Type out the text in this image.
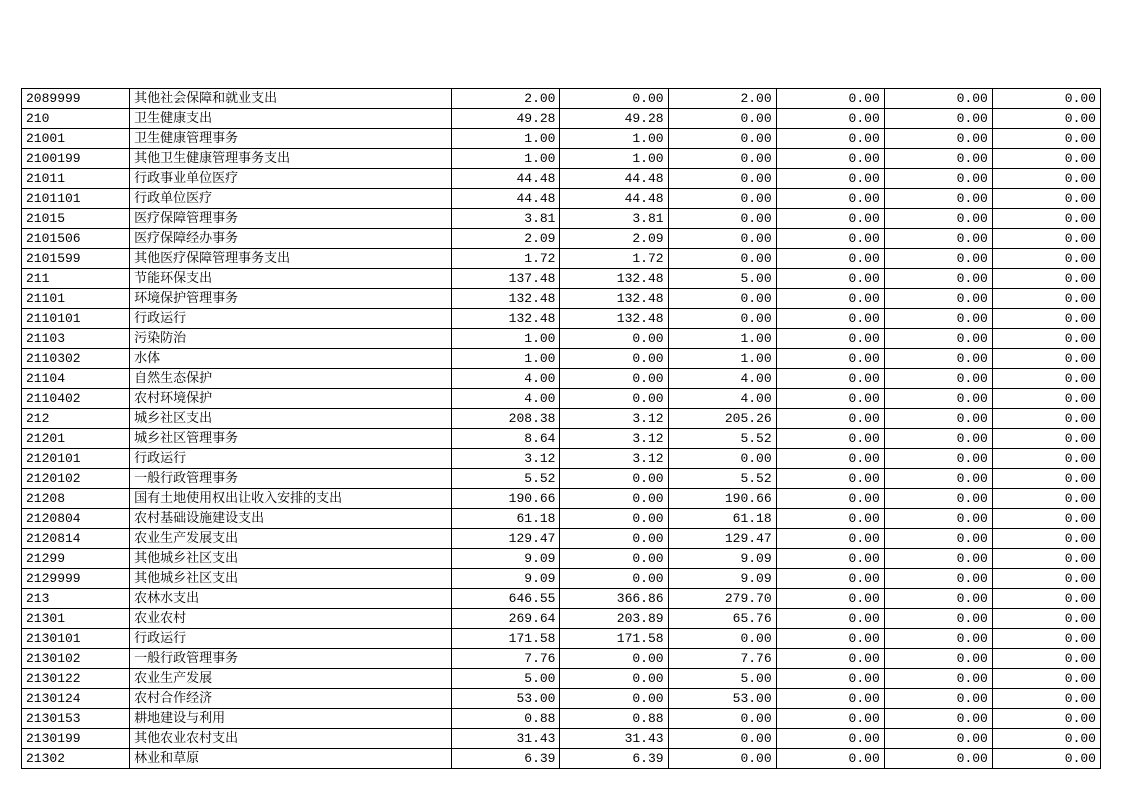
2089999	其他社会保障和就业支出	2.00	0.00	2.00	0.00	0.00	0.00
210	卫生健康支出	49.28	49.28	0.00	0.00	0.00	0.00
21001	卫生健康管理事务	1.00	1.00	0.00	0.00	0.00	0.00
2100199	其他卫生健康管理事务支出	1.00	1.00	0.00	0.00	0.00	0.00
21011	行政事业单位医疗	44.48	44.48	0.00	0.00	0.00	0.00
2101101	行政单位医疗	44.48	44.48	0.00	0.00	0.00	0.00
21015	医疗保障管理事务	3.81	3.81	0.00	0.00	0.00	0.00
2101506	医疗保障经办事务	2.09	2.09	0.00	0.00	0.00	0.00
2101599	其他医疗保障管理事务支出	1.72	1.72	0.00	0.00	0.00	0.00
211	节能环保支出	137.48	132.48	5.00	0.00	0.00	0.00
21101	环境保护管理事务	132.48	132.48	0.00	0.00	0.00	0.00
2110101	行政运行	132.48	132.48	0.00	0.00	0.00	0.00
21103	污染防治	1.00	0.00	1.00	0.00	0.00	0.00
2110302	水体	1.00	0.00	1.00	0.00	0.00	0.00
21104	自然生态保护	4.00	0.00	4.00	0.00	0.00	0.00
2110402	农村环境保护	4.00	0.00	4.00	0.00	0.00	0.00
212	城乡社区支出	208.38	3.12	205.26	0.00	0.00	0.00
21201	城乡社区管理事务	8.64	3.12	5.52	0.00	0.00	0.00
2120101	行政运行	3.12	3.12	0.00	0.00	0.00	0.00
2120102	一般行政管理事务	5.52	0.00	5.52	0.00	0.00	0.00
21208	国有土地使用权出让收入安排的支出	190.66	0.00	190.66	0.00	0.00	0.00
2120804	农村基础设施建设支出	61.18	0.00	61.18	0.00	0.00	0.00
2120814	农业生产发展支出	129.47	0.00	129.47	0.00	0.00	0.00
21299	其他城乡社区支出	9.09	0.00	9.09	0.00	0.00	0.00
2129999	其他城乡社区支出	9.09	0.00	9.09	0.00	0.00	0.00
213	农林水支出	646.55	366.86	279.70	0.00	0.00	0.00
21301	农业农村	269.64	203.89	65.76	0.00	0.00	0.00
2130101	行政运行	171.58	171.58	0.00	0.00	0.00	0.00
2130102	一般行政管理事务	7.76	0.00	7.76	0.00	0.00	0.00
2130122	农业生产发展	5.00	0.00	5.00	0.00	0.00	0.00
2130124	农村合作经济	53.00	0.00	53.00	0.00	0.00	0.00
2130153	耕地建设与利用	0.88	0.88	0.00	0.00	0.00	0.00
2130199	其他农业农村支出	31.43	31.43	0.00	0.00	0.00	0.00
21302	林业和草原	6.39	6.39	0.00	0.00	0.00	0.00
